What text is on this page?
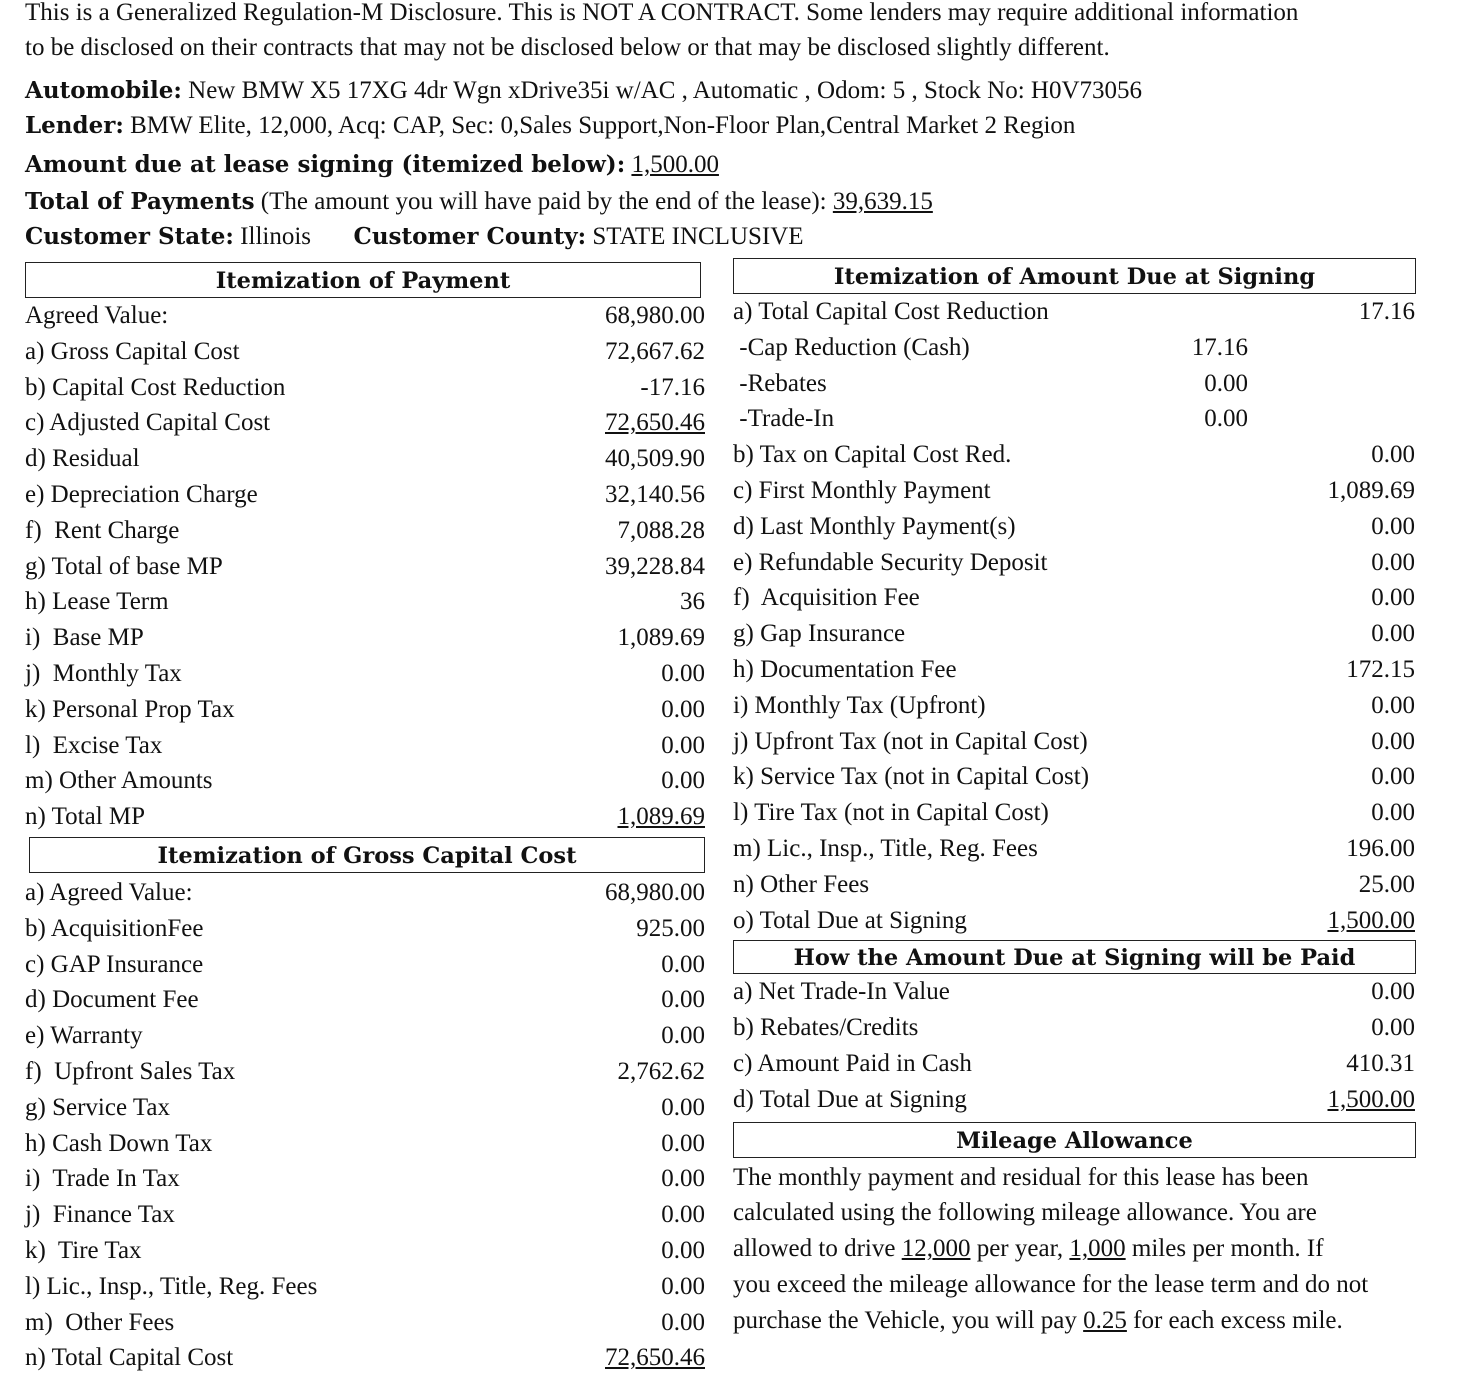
This is a Generalized Regulation-M Disclosure. This is NOT A CONTRACT. Some lenders may require additional information
to be disclosed on their contracts that may not be disclosed below or that may be disclosed slightly different.
Automobile: New BMW X5 17XG 4dr Wgn xDrive35i w/AC , Automatic , Odom: 5 , Stock No: H0V73056
Lender: BMW Elite, 12,000, Acq: CAP, Sec: 0,Sales Support,Non-Floor Plan,Central Market 2 Region
Amount due at lease signing (itemized below): 1,500.00
Total of Payments (The amount you will have paid by the end of the lease): 39,639.15
Customer State: Illinois Customer County: STATE INCLUSIVE
Itemization of Payment
Agreed Value:	68,980.00
a) Gross Capital Cost	72,667.62
b) Capital Cost Reduction	-17.16
c) Adjusted Capital Cost	72,650.46
d) Residual	40,509.90
e) Depreciation Charge	32,140.56
f)  Rent Charge	7,088.28
g) Total of base MP	39,228.84
h) Lease Term	36
i)  Base MP	1,089.69
j)  Monthly Tax	0.00
k) Personal Prop Tax	0.00
l)  Excise Tax	0.00
m) Other Amounts	0.00
n) Total MP	1,089.69
Itemization of Gross Capital Cost
a) Agreed Value:	68,980.00
b) AcquisitionFee	925.00
c) GAP Insurance	0.00
d) Document Fee	0.00
e) Warranty	0.00
f)  Upfront Sales Tax	2,762.62
g) Service Tax	0.00
h) Cash Down Tax	0.00
i)  Trade In Tax	0.00
j)  Finance Tax	0.00
k)  Tire Tax	0.00
l) Lic., Insp., Title, Reg. Fees	0.00
m)  Other Fees	0.00
n) Total Capital Cost	72,650.46
Itemization of Amount Due at Signing
a) Total Capital Cost Reduction	17.16
-Cap Reduction (Cash)	17.16
-Rebates	0.00
-Trade-In	0.00
b) Tax on Capital Cost Red.	0.00
c) First Monthly Payment	1,089.69
d) Last Monthly Payment(s)	0.00
e) Refundable Security Deposit	0.00
f)  Acquisition Fee	0.00
g) Gap Insurance	0.00
h) Documentation Fee	172.15
i) Monthly Tax (Upfront)	0.00
j) Upfront Tax (not in Capital Cost)	0.00
k) Service Tax (not in Capital Cost)	0.00
l) Tire Tax (not in Capital Cost)	0.00
m) Lic., Insp., Title, Reg. Fees	196.00
n) Other Fees	25.00
o) Total Due at Signing	1,500.00
How the Amount Due at Signing will be Paid
a) Net Trade-In Value	0.00
b) Rebates/Credits	0.00
c) Amount Paid in Cash	410.31
d) Total Due at Signing	1,500.00
Mileage Allowance
The monthly payment and residual for this lease has been
calculated using the following mileage allowance. You are
allowed to drive 12,000 per year, 1,000 miles per month. If
you exceed the mileage allowance for the lease term and do not
purchase the Vehicle, you will pay 0.25 for each excess mile.
